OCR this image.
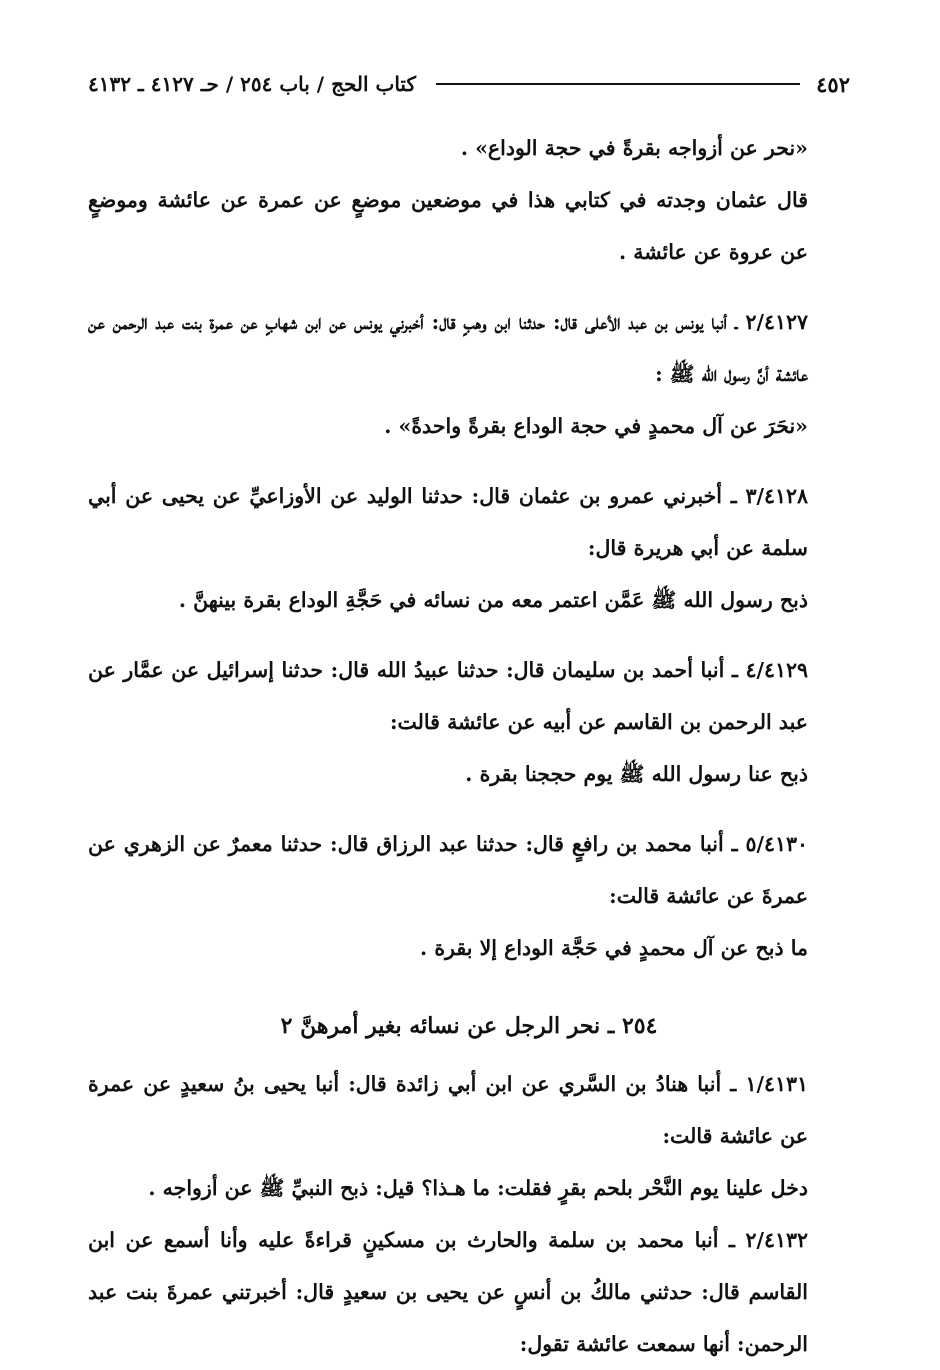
٤٥٢
كتاب الحج / باب ٢٥٤ / حـ ٤١٢٧ ـ ٤١٣٢

«نحر عن أزواجه بقرةً في حجة الوداع» .

قال عثمان وجدته في كتابي هذا في موضعين موضعٍ عن عمرة عن عائشة وموضعٍ عن عروة عن عائشة .

٢/٤١٢٧ ـ أنبا يونس بن عبد الأعلى قال: حدثنا ابن وهبٍ قال: أخبرني يونس عن ابن شهابٍ عن عمرة بنت عبد الرحمن عن عائشة أنَّ رسول الله ﷺ :

«نحَرَ عن آل محمدٍ في حجة الوداع بقرةً واحدةً» .

٣/٤١٢٨ ـ أخبرني عمرو بن عثمان قال: حدثنا الوليد عن الأوزاعيِّ عن يحيى عن أبي سلمة عن أبي هريرة قال:

ذبح رسول الله ﷺ عَمَّن اعتمر معه من نسائه في حَجَّةِ الوداع بقرة بينهنَّ .

٤/٤١٢٩ ـ أنبا أحمد بن سليمان قال: حدثنا عبيدُ الله قال: حدثنا إسرائيل عن عمَّار عن عبد الرحمن بن القاسم عن أبيه عن عائشة قالت:

ذبح عنا رسول الله ﷺ يوم حججنا بقرة .

٥/٤١٣٠ ـ أنبا محمد بن رافعٍ قال: حدثنا عبد الرزاق قال: حدثنا معمرٌ عن الزهري عن عمرةَ عن عائشة قالت:

ما ذبح عن آل محمدٍ في حَجَّة الوداع إلا بقرة .

٢٥٤ ـ نحر الرجل عن نسائه بغير أمرهنَّ ٢

١/٤١٣١ ـ أنبا هنادُ بن السَّري عن ابن أبي زائدة قال: أنبا يحيى بنُ سعيدٍ عن عمرة عن عائشة قالت:

دخل علينا يوم النَّحْر بلحم بقرٍ فقلت: ما هـذا؟ قيل: ذبح النبيِّ ﷺ عن أزواجه .

٢/٤١٣٢ ـ أنبا محمد بن سلمة والحارث بن مسكينٍ قراءةً عليه وأنا أسمع عن ابن القاسم قال: حدثني مالكُ بن أنسٍ عن يحيى بن سعيدٍ قال: أخبرتني عمرةَ بنت عبد الرحمن: أنها سمعت عائشة تقول:
